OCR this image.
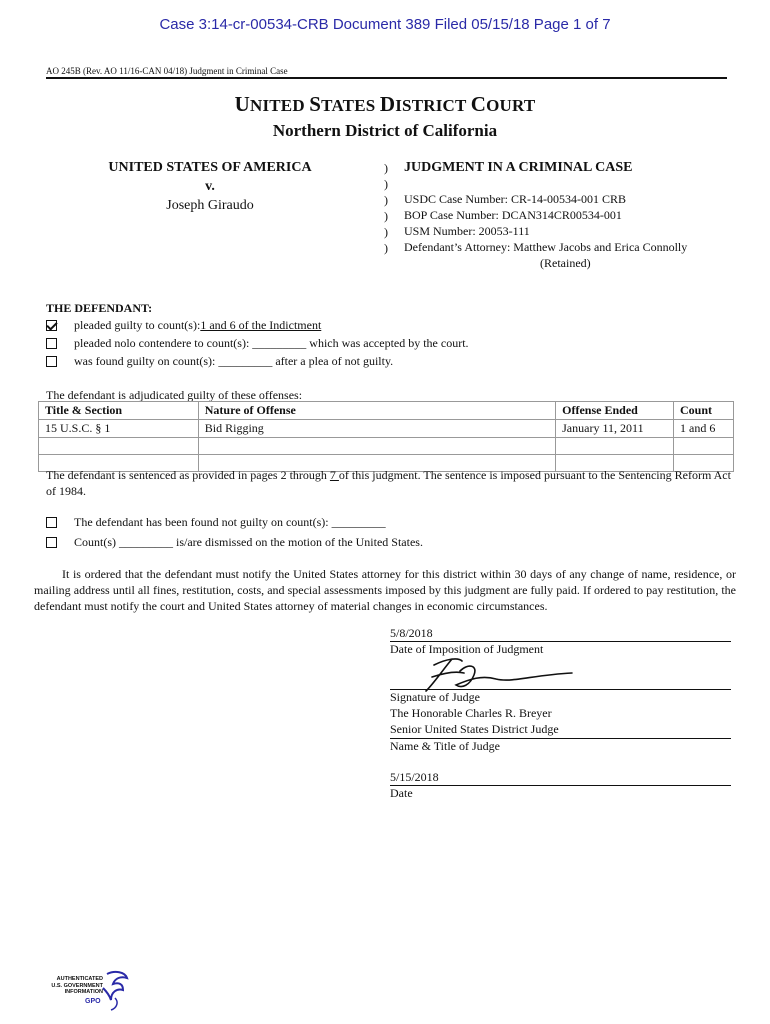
Case 3:14-cr-00534-CRB Document 389 Filed 05/15/18 Page 1 of 7
AO 245B (Rev. AO 11/16-CAN 04/18) Judgment in Criminal Case
UNITED STATES DISTRICT COURT
Northern District of California
UNITED STATES OF AMERICA
v.
Joseph Giraudo
)
)
)
)
)
)
JUDGMENT IN A CRIMINAL CASE
USDC Case Number: CR-14-00534-001 CRB
BOP Case Number: DCAN314CR00534-001
USM Number: 20053-111
Defendant’s Attorney: Matthew Jacobs and Erica Connolly
(Retained)
THE DEFENDANT:
pleaded guilty to count(s): 1 and 6 of the Indictment
pleaded nolo contendere to count(s): _________ which was accepted by the court.
was found guilty on count(s): _________ after a plea of not guilty.
The defendant is adjudicated guilty of these offenses:
Title & Section	Nature of Offense	Offense Ended	Count
15 U.S.C. § 1	Bid Rigging	January 11, 2011	1 and 6

The defendant is sentenced as provided in pages 2 through 7 of this judgment. The sentence is imposed pursuant to the Sentencing Reform Act of 1984.
The defendant has been found not guilty on count(s): _________
Count(s) _________ is/are dismissed on the motion of the United States.
It is ordered that the defendant must notify the United States attorney for this district within 30 days of any change of name, residence, or mailing address until all fines, restitution, costs, and special assessments imposed by this judgment are fully paid. If ordered to pay restitution, the defendant must notify the court and United States attorney of material changes in economic circumstances.
5/8/2018
Date of Imposition of Judgment
Signature of Judge
The Honorable Charles R. Breyer
Senior United States District Judge
Name & Title of Judge
5/15/2018
Date
AUTHENTICATED
U.S. GOVERNMENT
INFORMATION
GPO
